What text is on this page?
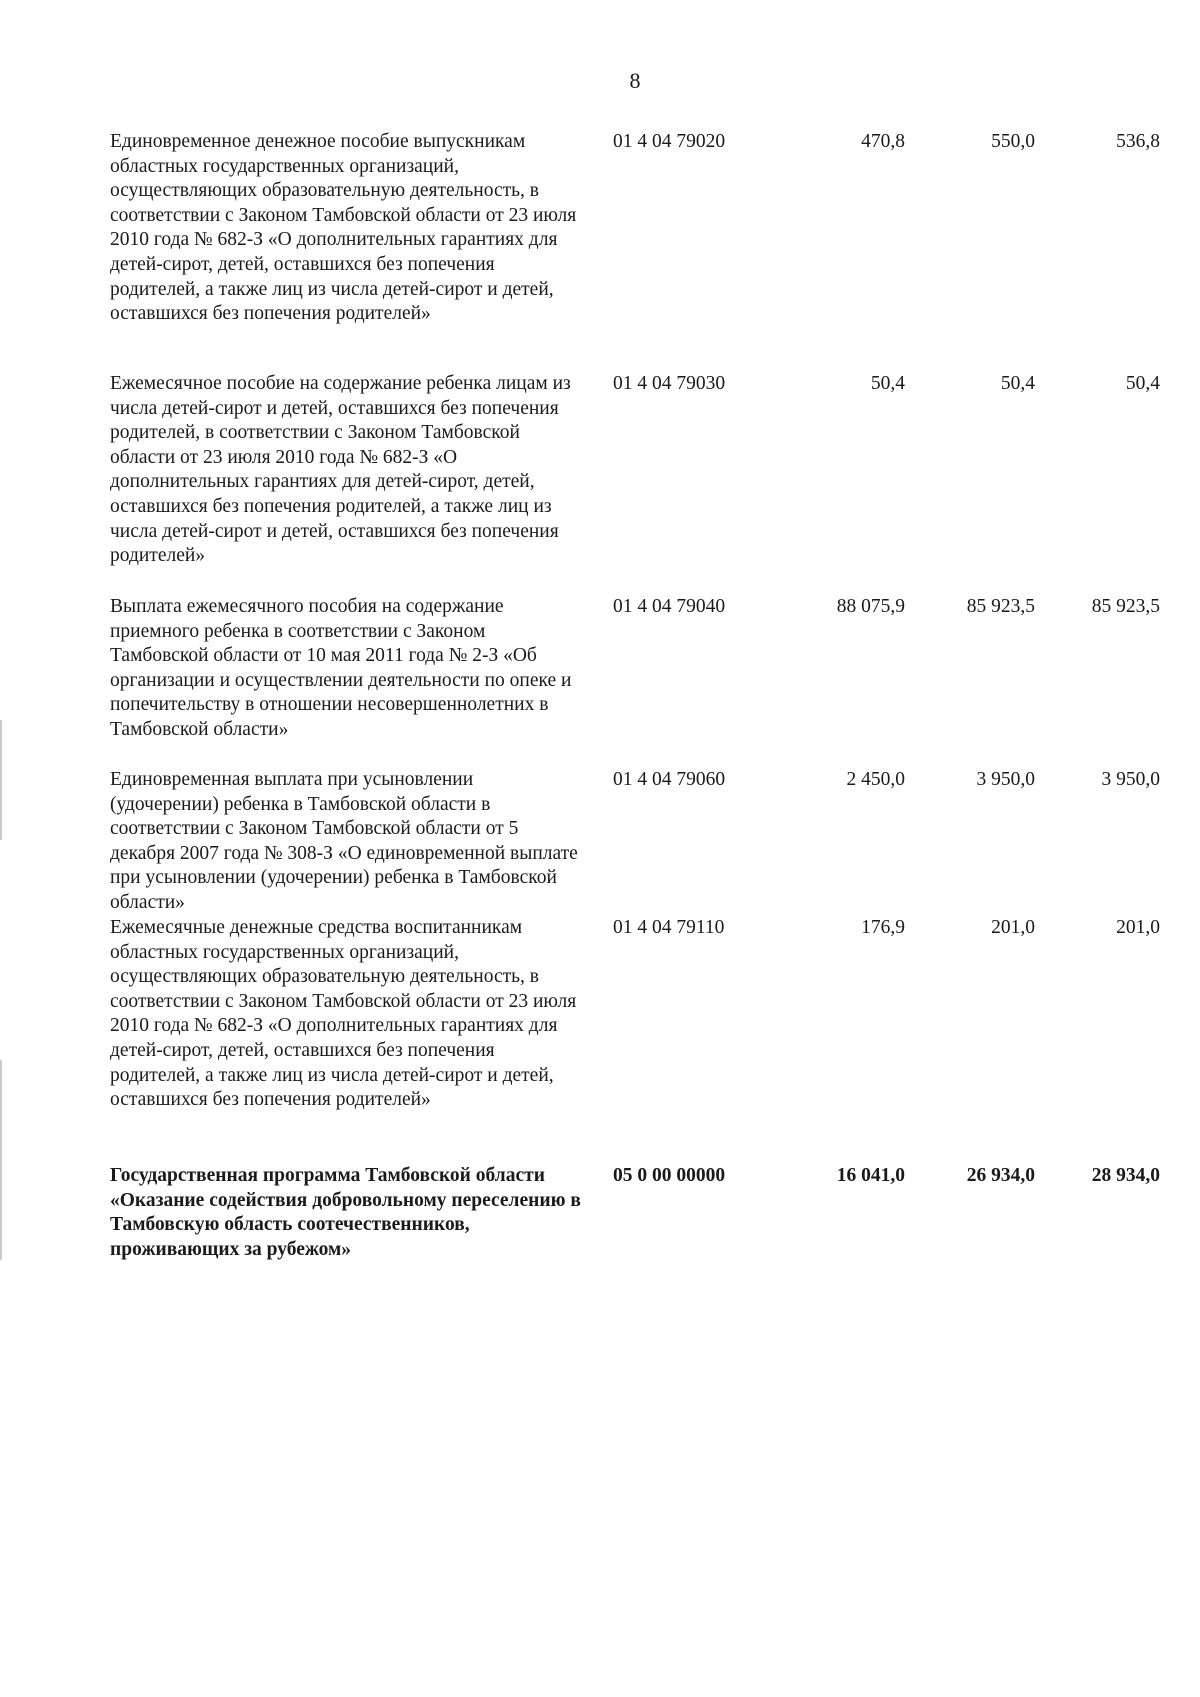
8
Единовременное денежное пособие выпускникам областных государственных организаций, осуществляющих образовательную деятельность, в соответствии с Законом Тамбовской области от 23 июля 2010 года № 682-З «О дополнительных гарантиях для детей-сирот, детей, оставшихся без попечения родителей, а также лиц из числа детей-сирот и детей, оставшихся без попечения родителей»
01 4 04 79020	470,8	550,0	536,8
Ежемесячное пособие на содержание ребенка лицам из числа детей-сирот и детей, оставшихся без попечения родителей, в соответствии с Законом Тамбовской области от 23 июля 2010 года № 682-З «О дополнительных гарантиях для детей-сирот, детей, оставшихся без попечения родителей, а также лиц из числа детей-сирот и детей, оставшихся без попечения родителей»
01 4 04 79030	50,4	50,4	50,4
Выплата ежемесячного пособия на содержание приемного ребенка в соответствии с Законом Тамбовской области от 10 мая 2011 года № 2-З «Об организации и осуществлении деятельности по опеке и попечительству в отношении несовершеннолетних в Тамбовской области»
01 4 04 79040	88 075,9	85 923,5	85 923,5
Единовременная выплата при усыновлении (удочерении) ребенка в Тамбовской области в соответствии с Законом Тамбовской области от 5 декабря 2007 года № 308-З «О единовременной выплате при усыновлении (удочерении) ребенка в Тамбовской области»
01 4 04 79060	2 450,0	3 950,0	3 950,0
Ежемесячные денежные средства воспитанникам областных государственных организаций, осуществляющих образовательную деятельность, в соответствии с Законом Тамбовской области от 23 июля 2010 года № 682-З «О дополнительных гарантиях для детей-сирот, детей, оставшихся без попечения родителей, а также лиц из числа детей-сирот и детей, оставшихся без попечения родителей»
01 4 04 79110	176,9	201,0	201,0
Государственная программа Тамбовской области «Оказание содействия добровольному переселению в Тамбовскую область соотечественников, проживающих за рубежом»
05 0 00 00000	16 041,0	26 934,0	28 934,0
